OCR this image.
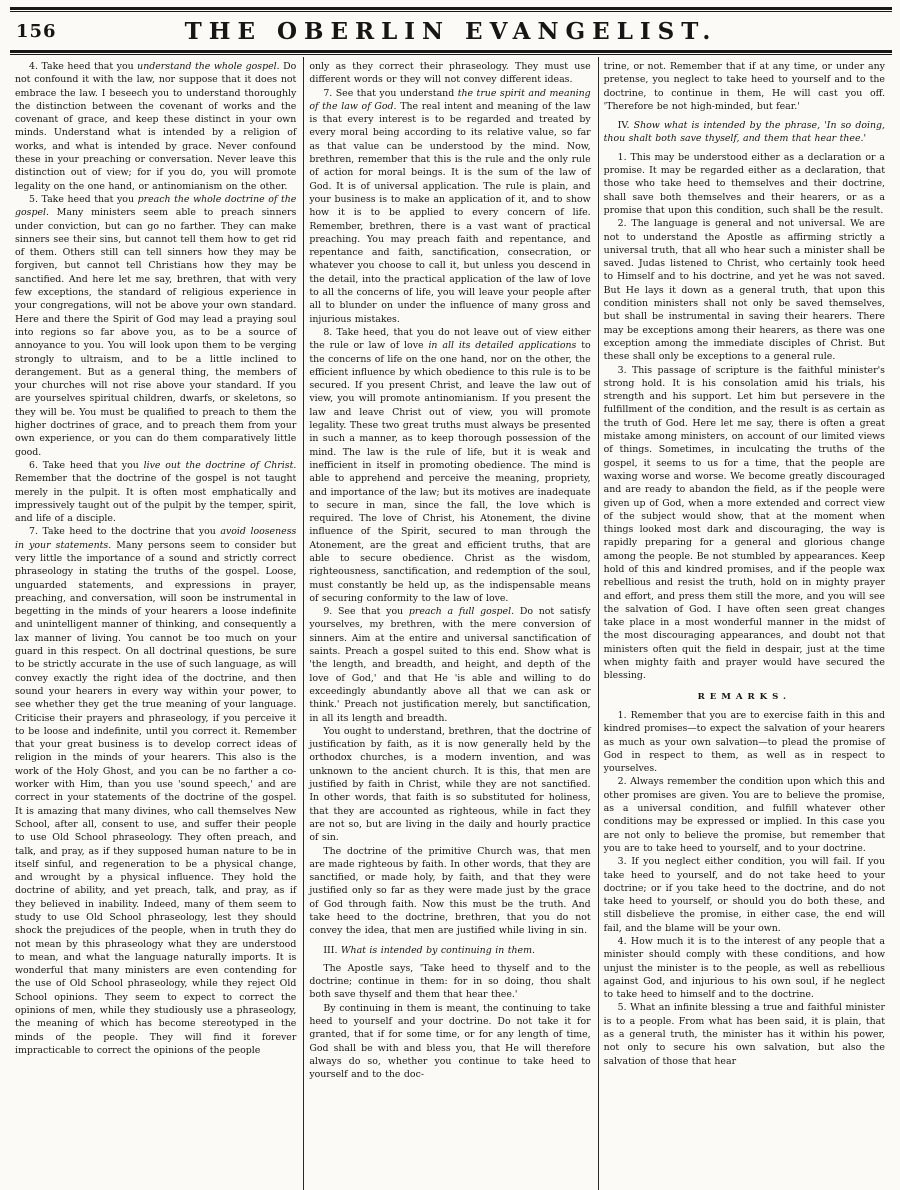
156	THE OBERLIN EVANGELIST.

4. Take heed that you understand the whole gospel. Do not confound it with the law, nor suppose that it does not embrace the law. I beseech you to understand thoroughly the distinction between the covenant of works and the covenant of grace, and keep these distinct in your own minds. Understand what is intended by a religion of works, and what is intended by grace. Never confound these in your preaching or conversation. Never leave this distinction out of view; for if you do, you will promote legality on the one hand, or antinomianism on the other.

5. Take heed that you preach the whole doctrine of the gospel. Many ministers seem able to preach sinners under conviction, but can go no farther. They can make sinners see their sins, but cannot tell them how to get rid of them. Others still can tell sinners how they may be forgiven, but cannot tell Christians how they may be sanctified. And here let me say, brethren, that with very few exceptions, the standard of religious experience in your congregations, will not be above your own standard. Here and there the Spirit of God may lead a praying soul into regions so far above you, as to be a source of annoyance to you. You will look upon them to be verging strongly to ultraism, and to be a little inclined to derangement. But as a general thing, the members of your churches will not rise above your standard. If you are yourselves spiritual children, dwarfs, or skeletons, so they will be. You must be qualified to preach to them the higher doctrines of grace, and to preach them from your own experience, or you can do them comparatively little good.

6. Take heed that you live out the doctrine of Christ. Remember that the doctrine of the gospel is not taught merely in the pulpit. It is often most emphatically and impressively taught out of the pulpit by the temper, spirit, and life of a disciple.

7. Take heed to the doctrine that you avoid looseness in your statements. Many persons seem to consider but very little the importance of a sound and strictly correct phraseology in stating the truths of the gospel. Loose, unguarded statements, and expressions in prayer, preaching, and conversation, will soon be instrumental in begetting in the minds of your hearers a loose indefinite and unintelligent manner of thinking, and consequently a lax manner of living. You cannot be too much on your guard in this respect. On all doctrinal questions, be sure to be strictly accurate in the use of such language, as will convey exactly the right idea of the doctrine, and then sound your hearers in every way within your power, to see whether they get the true meaning of your language. Criticise their prayers and phraseology, if you perceive it to be loose and indefinite, until you correct it. Remember that your great business is to develop correct ideas of religion in the minds of your hearers. This also is the work of the Holy Ghost, and you can be no farther a co-worker with Him, than you use 'sound speech,' and are correct in your statements of the doctrine of the gospel. It is amazing that many divines, who call themselves New School, after all, consent to use, and suffer their people to use Old School phraseology. They often preach, and talk, and pray, as if they supposed human nature to be in itself sinful, and regeneration to be a physical change, and wrought by a physical influence. They hold the doctrine of ability, and yet preach, talk, and pray, as if they believed in inability. Indeed, many of them seem to study to use Old School phraseology, lest they should shock the prejudices of the people, when in truth they do not mean by this phraseology what they are understood to mean, and what the language naturally imports. It is wonderful that many ministers are even contending for the use of Old School phraseology, while they reject Old School opinions. They seem to expect to correct the opinions of men, while they studiously use a phraseology, the meaning of which has become stereotyped in the minds of the people. They will find it forever impracticable to correct the opinions of the people

only as they correct their phraseology. They must use different words or they will not convey different ideas.

7. See that you understand the true spirit and meaning of the law of God. The real intent and meaning of the law is that every interest is to be regarded and treated by every moral being according to its relative value, so far as that value can be understood by the mind. Now, brethren, remember that this is the rule and the only rule of action for moral beings. It is the sum of the law of God. It is of universal application. The rule is plain, and your business is to make an application of it, and to show how it is to be applied to every concern of life. Remember, brethren, there is a vast want of practical preaching. You may preach faith and repentance, and repentance and faith, sanctification, consecration, or whatever you choose to call it, but unless you descend in the detail, into the practical application of the law of love to all the concerns of life, you will leave your people after all to blunder on under the influence of many gross and injurious mistakes.

8. Take heed, that you do not leave out of view either the rule or law of love in all its detailed applications to the concerns of life on the one hand, nor on the other, the efficient influence by which obedience to this rule is to be secured. If you present Christ, and leave the law out of view, you will promote antinomianism. If you present the law and leave Christ out of view, you will promote legality. These two great truths must always be presented in such a manner, as to keep thorough possession of the mind. The law is the rule of life, but it is weak and inefficient in itself in promoting obedience. The mind is able to apprehend and perceive the meaning, propriety, and importance of the law; but its motives are inadequate to secure in man, since the fall, the love which is required. The love of Christ, his Atonement, the divine influence of the Spirit, secured to man through the Atonement, are the great and efficient truths, that are able to secure obedience. Christ as the wisdom, righteousness, sanctification, and redemption of the soul, must constantly be held up, as the indispensable means of securing conformity to the law of love.

9. See that you preach a full gospel. Do not satisfy yourselves, my brethren, with the mere conversion of sinners. Aim at the entire and universal sanctification of saints. Preach a gospel suited to this end. Show what is 'the length, and breadth, and height, and depth of the love of God,' and that He 'is able and willing to do exceedingly abundantly above all that we can ask or think.' Preach not justification merely, but sanctification, in all its length and breadth.

You ought to understand, brethren, that the doctrine of justification by faith, as it is now generally held by the orthodox churches, is a modern invention, and was unknown to the ancient church. It is this, that men are justified by faith in Christ, while they are not sanctified. In other words, that faith is so substituted for holiness, that they are accounted as righteous, while in fact they are not so, but are living in the daily and hourly practice of sin.

The doctrine of the primitive Church was, that men are made righteous by faith. In other words, that they are sanctified, or made holy, by faith, and that they were justified only so far as they were made just by the grace of God through faith. Now this must be the truth. And take heed to the doctrine, brethren, that you do not convey the idea, that men are justified while living in sin.

III. What is intended by continuing in them.

The Apostle says, 'Take heed to thyself and to the doctrine; continue in them: for in so doing, thou shalt both save thyself and them that hear thee.'

By continuing in them is meant, the continuing to take heed to yourself and your doctrine. Do not take it for granted, that if for some time, or for any length of time, God shall be with and bless you, that He will therefore always do so, whether you continue to take heed to yourself and to the doc-

trine, or not. Remember that if at any time, or under any pretense, you neglect to take heed to yourself and to the doctrine, to continue in them, He will cast you off. 'Therefore be not high-minded, but fear.'

IV. Show what is intended by the phrase, 'In so doing, thou shalt both save thyself, and them that hear thee.'

1. This may be understood either as a declaration or a promise. It may be regarded either as a declaration, that those who take heed to themselves and their doctrine, shall save both themselves and their hearers, or as a promise that upon this condition, such shall be the result.

2. The language is general and not universal. We are not to understand the Apostle as affirming strictly a universal truth, that all who hear such a minister shall be saved. Judas listened to Christ, who certainly took heed to Himself and to his doctrine, and yet he was not saved. But He lays it down as a general truth, that upon this condition ministers shall not only be saved themselves, but shall be instrumental in saving their hearers. There may be exceptions among their hearers, as there was one exception among the immediate disciples of Christ. But these shall only be exceptions to a general rule.

3. This passage of scripture is the faithful minister's strong hold. It is his consolation amid his trials, his strength and his support. Let him but persevere in the fulfillment of the condition, and the result is as certain as the truth of God. Here let me say, there is often a great mistake among ministers, on account of our limited views of things. Sometimes, in inculcating the truths of the gospel, it seems to us for a time, that the people are waxing worse and worse. We become greatly discouraged and are ready to abandon the field, as if the people were given up of God, when a more extended and correct view of the subject would show, that at the moment when things looked most dark and discouraging, the way is rapidly preparing for a general and glorious change among the people. Be not stumbled by appearances. Keep hold of this and kindred promises, and if the people wax rebellious and resist the truth, hold on in mighty prayer and effort, and press them still the more, and you will see the salvation of God. I have often seen great changes take place in a most wonderful manner in the midst of the most discouraging appearances, and doubt not that ministers often quit the field in despair, just at the time when mighty faith and prayer would have secured the blessing.

REMARKS.

1. Remember that you are to exercise faith in this and kindred promises—to expect the salvation of your hearers as much as your own salvation—to plead the promise of God in respect to them, as well as in respect to yourselves.

2. Always remember the condition upon which this and other promises are given. You are to believe the promise, as a universal condition, and fulfill whatever other conditions may be expressed or implied. In this case you are not only to believe the promise, but remember that you are to take heed to yourself, and to your doctrine.

3. If you neglect either condition, you will fail. If you take heed to yourself, and do not take heed to your doctrine; or if you take heed to the doctrine, and do not take heed to yourself, or should you do both these, and still disbelieve the promise, in either case, the end will fail, and the blame will be your own.

4. How much it is to the interest of any people that a minister should comply with these conditions, and how unjust the minister is to the people, as well as rebellious against God, and injurious to his own soul, if he neglect to take heed to himself and to the doctrine.

5. What an infinite blessing a true and faithful minister is to a people. From what has been said, it is plain, that as a general truth, the minister has it within his power, not only to secure his own salvation, but also the salvation of those that hear
